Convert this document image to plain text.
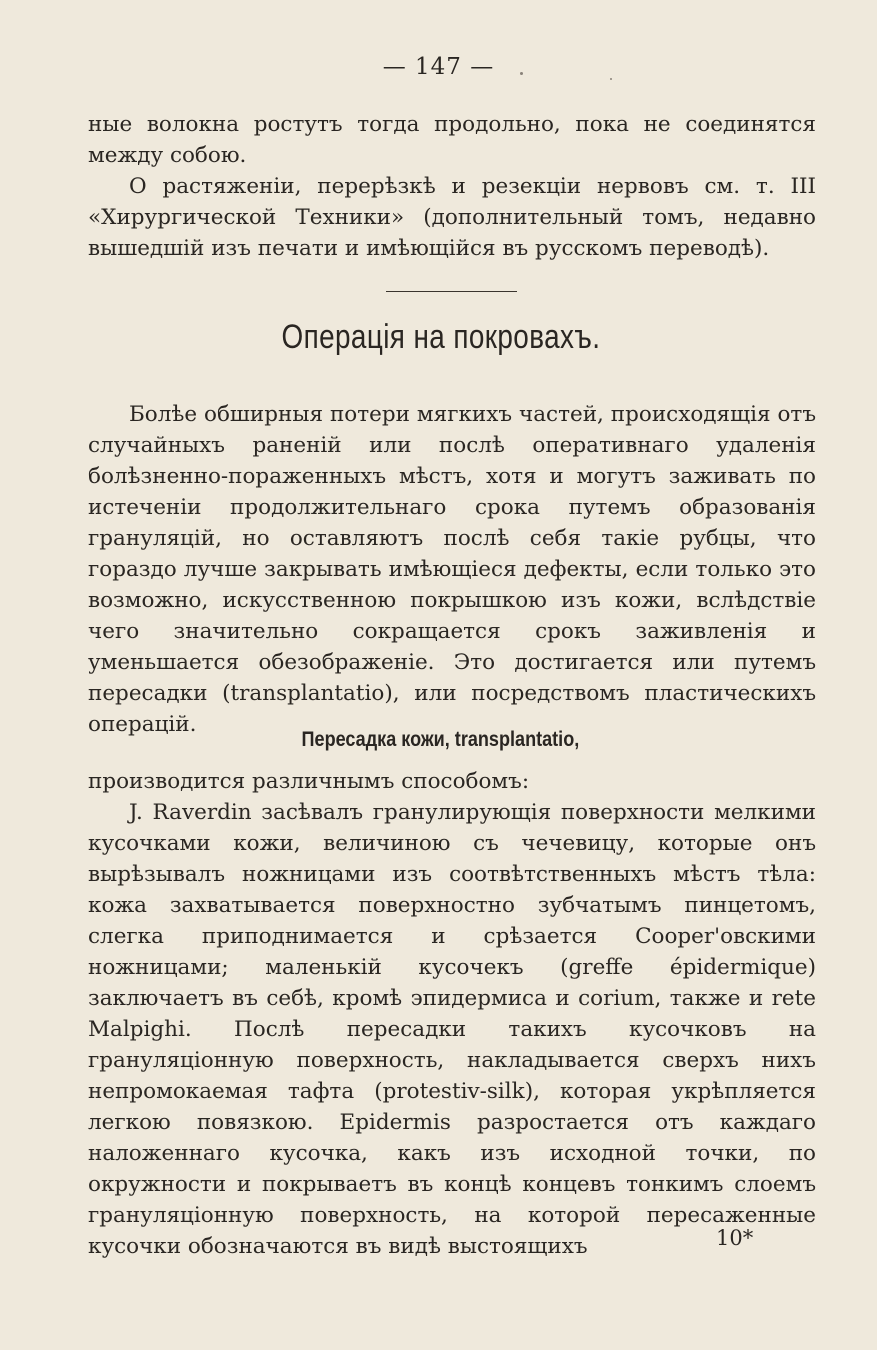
— 147 —

ные волокна ростутъ тогда продольно, пока не соединятся между собою.

О растяженіи, перерѣзкѣ и резекціи нервовъ см. т. III «Хирургической Техники» (дополнительный томъ, недавно вышедшій изъ печати и имѣющійся въ русскомъ переводѣ).

Операція на покровахъ.

Болѣе обширныя потери мягкихъ частей, происходящія отъ случайныхъ раненій или послѣ оперативнаго удаленія болѣзненно-пораженныхъ мѣстъ, хотя и могутъ заживать по истеченіи продолжительнаго срока путемъ образованія грануляцій, но оставляютъ послѣ себя такіе рубцы, что гораздо лучше закрывать имѣющіеся дефекты, если только это возможно, искусственною покрышкою изъ кожи, вслѣдствіе чего значительно сокращается срокъ заживленія и уменьшается обезображеніе. Это достигается или путемъ пересадки (transplantatio), или посредствомъ пластическихъ операцій.

Пересадка кожи, transplantatio,

производится различнымъ способомъ:

J. Raverdin засѣвалъ гранулирующія поверхности мелкими кусочками кожи, величиною съ чечевицу, которые онъ вырѣзывалъ ножницами изъ соотвѣтственныхъ мѣстъ тѣла: кожа захватывается поверхностно зубчатымъ пинцетомъ, слегка приподнимается и срѣзается Cooper'овскими ножницами; маленькій кусочекъ (greffe épidermique) заключаетъ въ себѣ, кромѣ эпидермиса и corium, также и rete Malpighi. Послѣ пересадки такихъ кусочковъ на грануляціонную поверхность, накладывается сверхъ нихъ непромокаемая тафта (protestiv-silk), которая укрѣпляется легкою повязкою. Epidermis разростается отъ каждаго наложеннаго кусочка, какъ изъ исходной точки, по окружности и покрываетъ въ концѣ концевъ тонкимъ слоемъ грануляціонную поверхность, на которой пересаженные кусочки обозначаются въ видѣ выстоящихъ	10*
